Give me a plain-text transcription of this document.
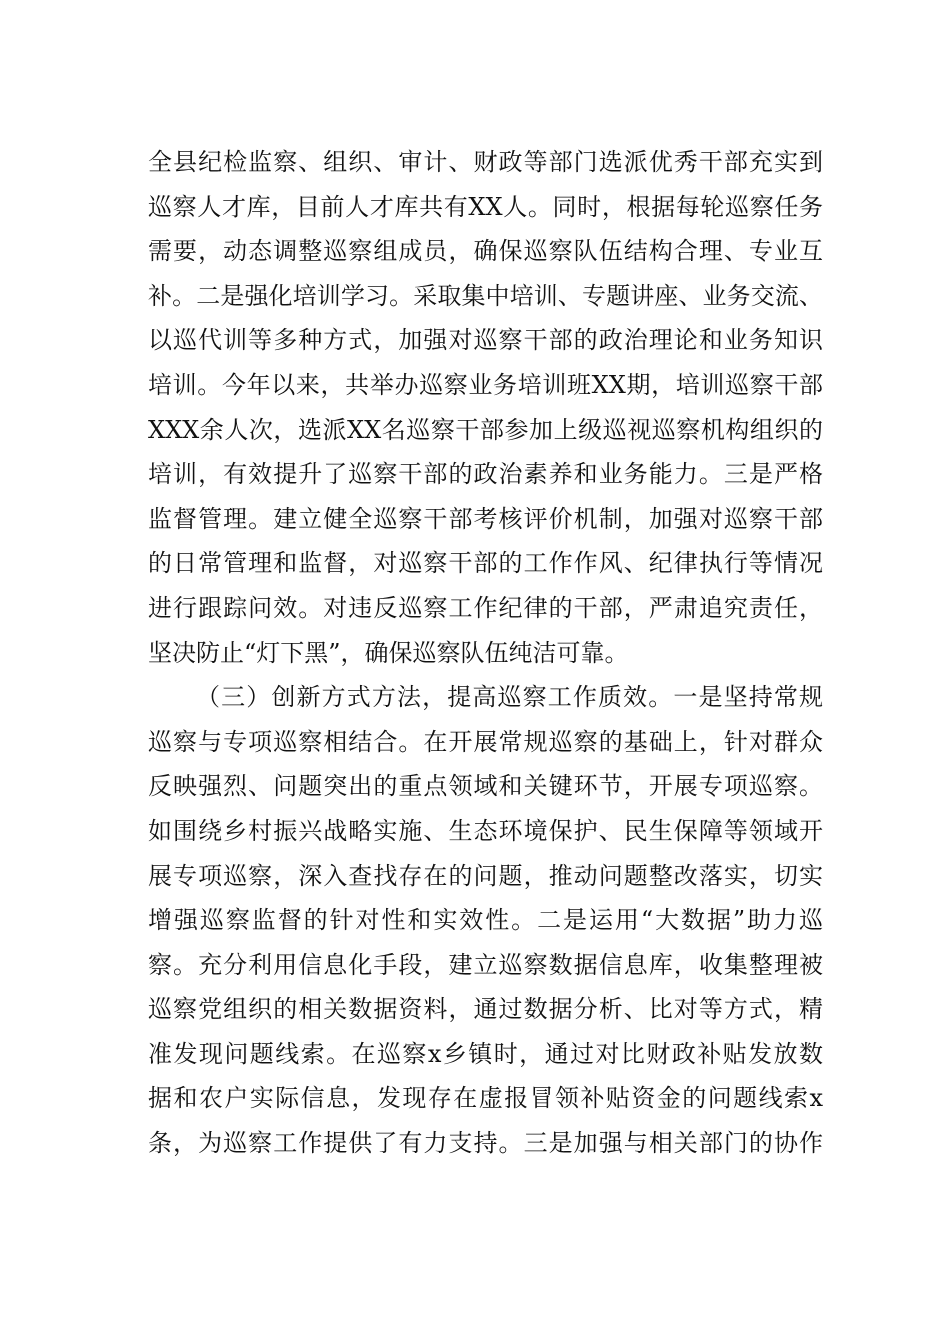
全县纪检监察、组织、审计、财政等部门选派优秀干部充实到
巡察人才库，目前人才库共有XX人。同时，根据每轮巡察任务
需要，动态调整巡察组成员，确保巡察队伍结构合理、专业互
补。二是强化培训学习。采取集中培训、专题讲座、业务交流、
以巡代训等多种方式，加强对巡察干部的政治理论和业务知识
培训。今年以来，共举办巡察业务培训班XX期，培训巡察干部
XXX余人次，选派XX名巡察干部参加上级巡视巡察机构组织的
培训，有效提升了巡察干部的政治素养和业务能力。三是严格
监督管理。建立健全巡察干部考核评价机制，加强对巡察干部
的日常管理和监督，对巡察干部的工作作风、纪律执行等情况
进行跟踪问效。对违反巡察工作纪律的干部，严肃追究责任，
坚决防止“灯下黑”，确保巡察队伍纯洁可靠。
（三）创新方式方法，提高巡察工作质效。一是坚持常规
巡察与专项巡察相结合。在开展常规巡察的基础上，针对群众
反映强烈、问题突出的重点领域和关键环节，开展专项巡察。
如围绕乡村振兴战略实施、生态环境保护、民生保障等领域开
展专项巡察，深入查找存在的问题，推动问题整改落实，切实
增强巡察监督的针对性和实效性。二是运用“大数据”助力巡
察。充分利用信息化手段，建立巡察数据信息库，收集整理被
巡察党组织的相关数据资料，通过数据分析、比对等方式，精
准发现问题线索。在巡察x乡镇时，通过对比财政补贴发放数
据和农户实际信息，发现存在虚报冒领补贴资金的问题线索x
条，为巡察工作提供了有力支持。三是加强与相关部门的协作
